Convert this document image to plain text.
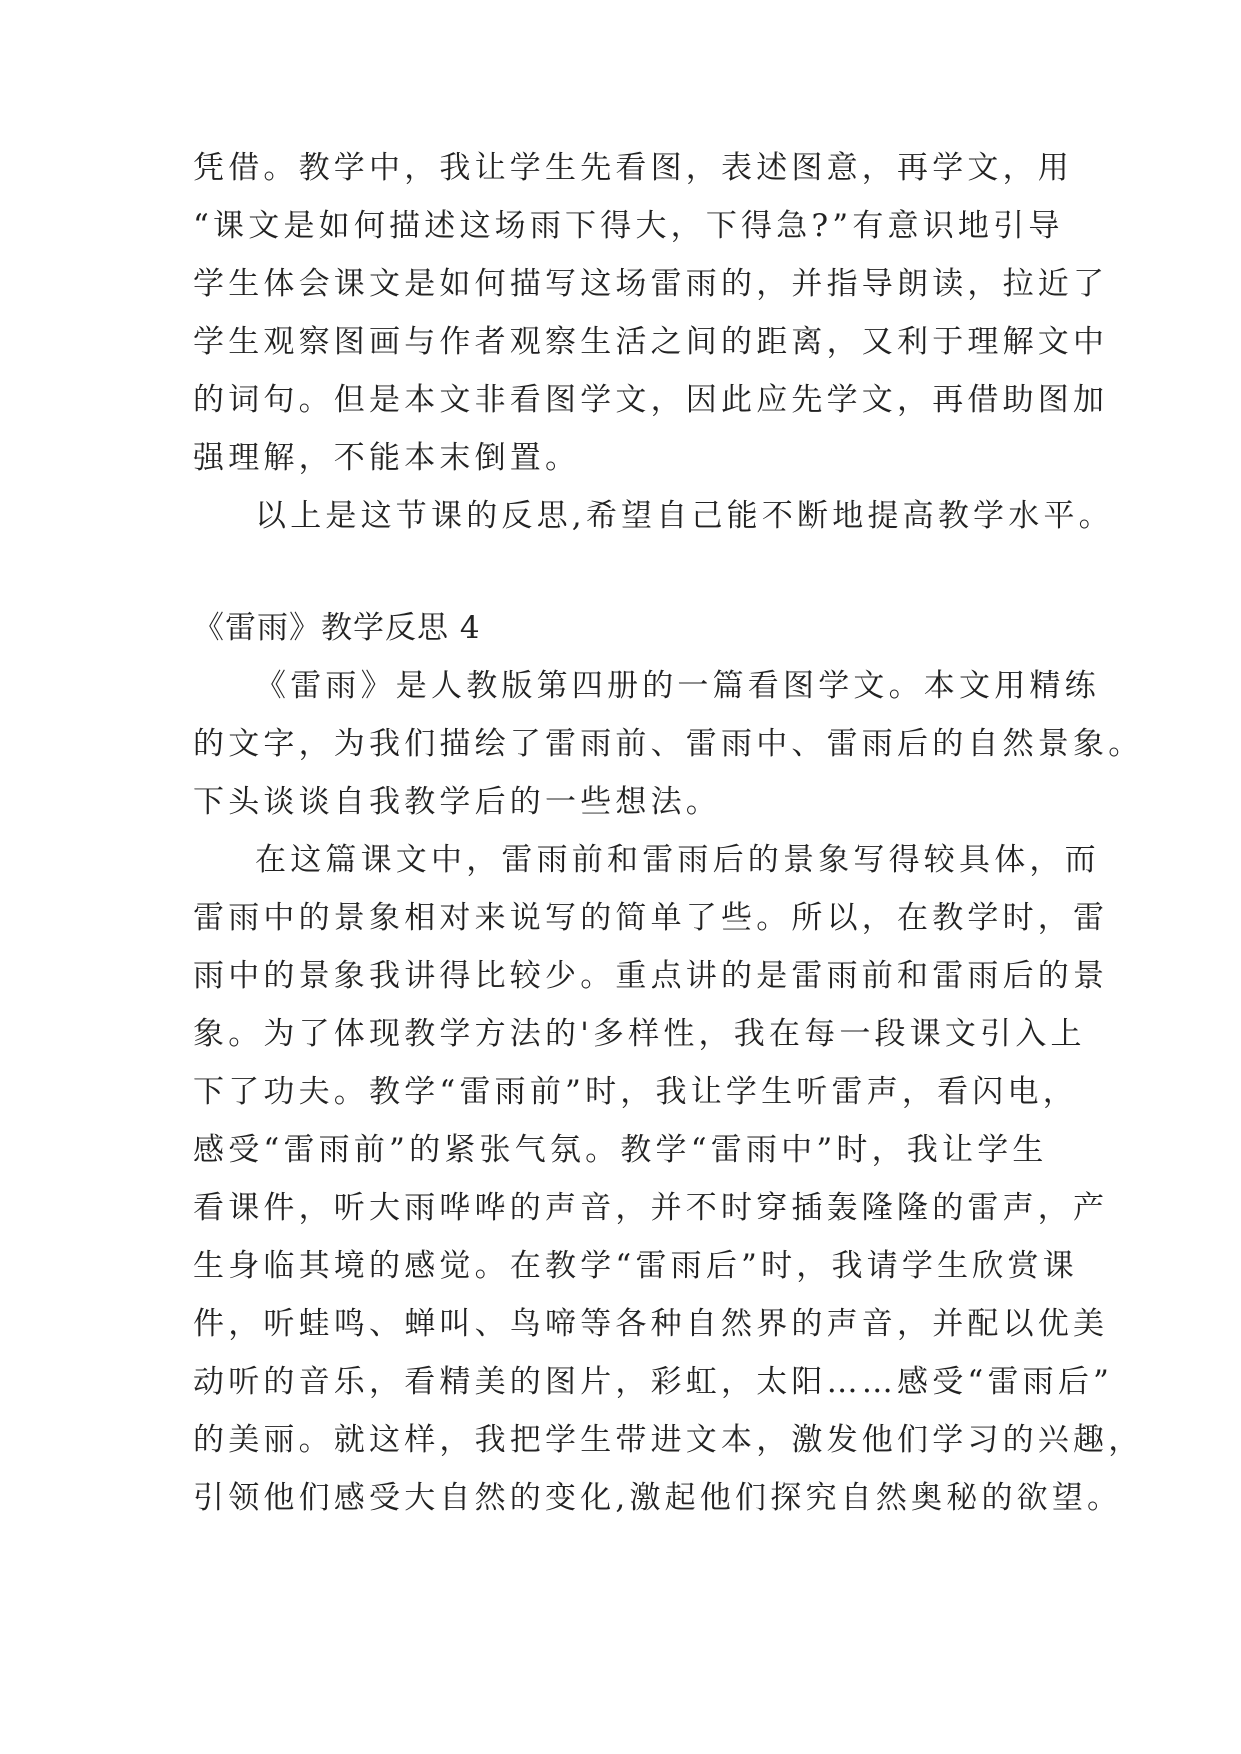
凭借。教学中，我让学生先看图，表述图意，再学文，用
“课文是如何描述这场雨下得大，下得急?”有意识地引导
学生体会课文是如何描写这场雷雨的，并指导朗读，拉近了
学生观察图画与作者观察生活之间的距离，又利于理解文中
的词句。但是本文非看图学文，因此应先学文，再借助图加
强理解，不能本末倒置。
以上是这节课的反思,希望自己能不断地提高教学水平。
《雷雨》教学反思 4
《雷雨》是人教版第四册的一篇看图学文。本文用精练
的文字，为我们描绘了雷雨前、雷雨中、雷雨后的自然景象。
下头谈谈自我教学后的一些想法。
在这篇课文中，雷雨前和雷雨后的景象写得较具体，而
雷雨中的景象相对来说写的简单了些。所以，在教学时，雷
雨中的景象我讲得比较少。重点讲的是雷雨前和雷雨后的景
象。为了体现教学方法的'多样性，我在每一段课文引入上
下了功夫。教学“雷雨前”时，我让学生听雷声，看闪电，
感受“雷雨前”的紧张气氛。教学“雷雨中”时，我让学生
看课件，听大雨哗哗的声音，并不时穿插轰隆隆的雷声，产
生身临其境的感觉。在教学“雷雨后”时，我请学生欣赏课
件，听蛙鸣、蝉叫、鸟啼等各种自然界的声音，并配以优美
动听的音乐，看精美的图片，彩虹，太阳……感受“雷雨后”
的美丽。就这样，我把学生带进文本，激发他们学习的兴趣，
引领他们感受大自然的变化,激起他们探究自然奥秘的欲望。
